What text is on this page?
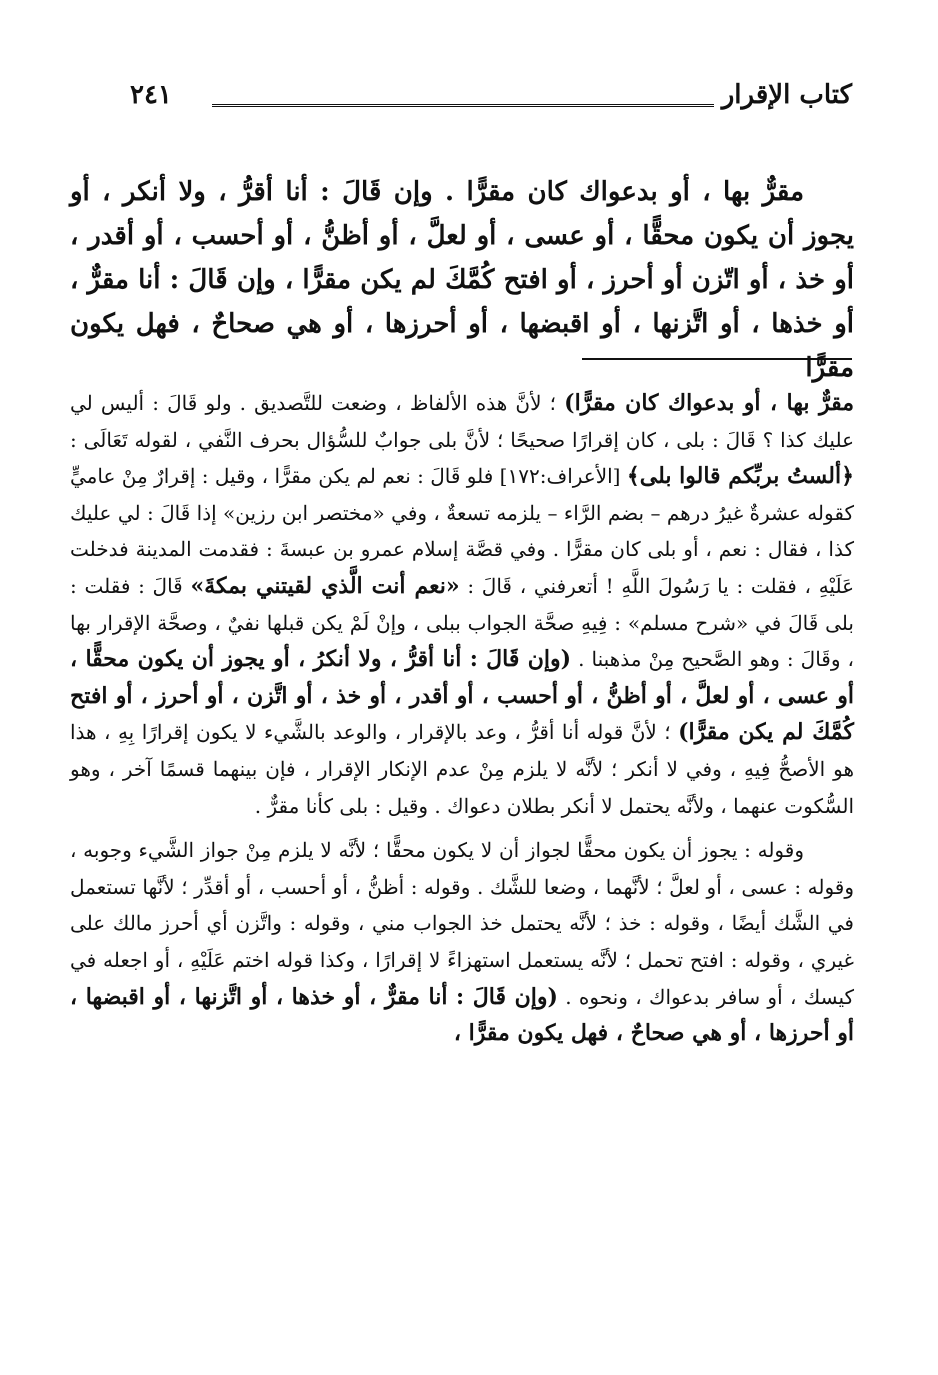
كتاب الإقرار
٢٤١

مقرٌّ بها ، أو بدعواك كان مقرًّا . وإن قَالَ : أنا أقرُّ ، ولا أنكر ، أو يجوز أن يكون محقًّا ، أو عسى ، أو لعلَّ ، أو أظنُّ ، أو أحسب ، أو أقدر ، أو خذ ، أو اتّزن أو أحرز ، أو افتح كُمَّكَ لم يكن مقرًّا ، وإن قَالَ : أنا مقرٌّ ، أو خذها ، أو اتَّزنها ، أو اقبضها ، أو أحرزها ، أو هي صحاحٌ ، فهل يكون مقرًّا

مقرٌّ بها ، أو بدعواك كان مقرًّا) ؛ لأنَّ هذه الألفاظ ، وضعت للتَّصديق . ولو قَالَ : أليس لي عليك كذا ؟ قَالَ : بلى ، كان إقرارًا صحيحًا ؛ لأنَّ بلى جوابٌ للسُّؤال بحرف النَّفي ، لقوله تَعَالَى : ﴿ألستُ بربِّكم قالوا بلى﴾ [الأعراف:١٧٢] فلو قَالَ : نعم لم يكن مقرًّا ، وقيل : إقرارٌ مِنْ عاميٍّ كقوله عشرةٌ غيرُ درهم – بضم الرَّاء – يلزمه تسعةٌ ، وفي «مختصر ابن رزين» إذا قَالَ : لي عليك كذا ، فقال : نعم ، أو بلى كان مقرًّا . وفي قصَّة إسلام عمرو بن عبسةَ : فقدمت المدينة فدخلت عَلَيْهِ ، فقلت : يا رَسُولَ اللَّهِ ! أتعرفني ، قَالَ : «نعم أنت الَّذي لقيتني بمكةَ» قَالَ : فقلت : بلى قَالَ في «شرح مسلم» : فِيهِ صحَّة الجواب ببلى ، وإنْ لَمْ يكن قبلها نفيٌ ، وصحَّة الإقرار بها ، وقَالَ : وهو الصَّحيح مِنْ مذهبنا . (وإن قَالَ : أنا أقرُّ ، ولا أنكرُ ، أو يجوز أن يكون محقًّا ، أو عسى ، أو لعلَّ ، أو أظنُّ ، أو أحسب ، أو أقدر ، أو خذ ، أو اتَّزن ، أو أحرز ، أو افتح كُمَّكَ لم يكن مقرًّا) ؛ لأنَّ قوله أنا أقرُّ ، وعد بالإقرار ، والوعد بالشَّيء لا يكون إقرارًا بِهِ ، هذا هو الأصحُّ فِيهِ ، وفي لا أنكر ؛ لأنَّه لا يلزم مِنْ عدم الإنكار الإقرار ، فإن بينهما قسمًا آخر ، وهو السُّكوت عنهما ، ولأنَّه يحتمل لا أنكر بطلان دعواك . وقيل : بلى كأنا مقرٌّ .

وقوله : يجوز أن يكون محقًّا لجواز أن لا يكون محقًّا ؛ لأنَّه لا يلزم مِنْ جواز الشَّيء وجوبه ، وقوله : عسى ، أو لعلَّ ؛ لأنَّهما ، وضعا للشَّك . وقوله : أظنُّ ، أو أحسب ، أو أقدِّر ؛ لأنَّها تستعمل في الشَّك أيضًا ، وقوله : خذ ؛ لأنَّه يحتمل خذ الجواب مني ، وقوله : واتَّزن أي أحرز مالك على غيري ، وقوله : افتح تحمل ؛ لأنَّه يستعمل استهزاءً لا إقرارًا ، وكذا قوله اختم عَلَيْهِ ، أو اجعله في كيسك ، أو سافر بدعواك ، ونحوه . (وإن قَالَ : أنا مقرٌّ ، أو خذها ، أو اتَّزنها ، أو اقبضها ، أو أحرزها ، أو هي صحاحٌ ، فهل يكون مقرًّا ،
